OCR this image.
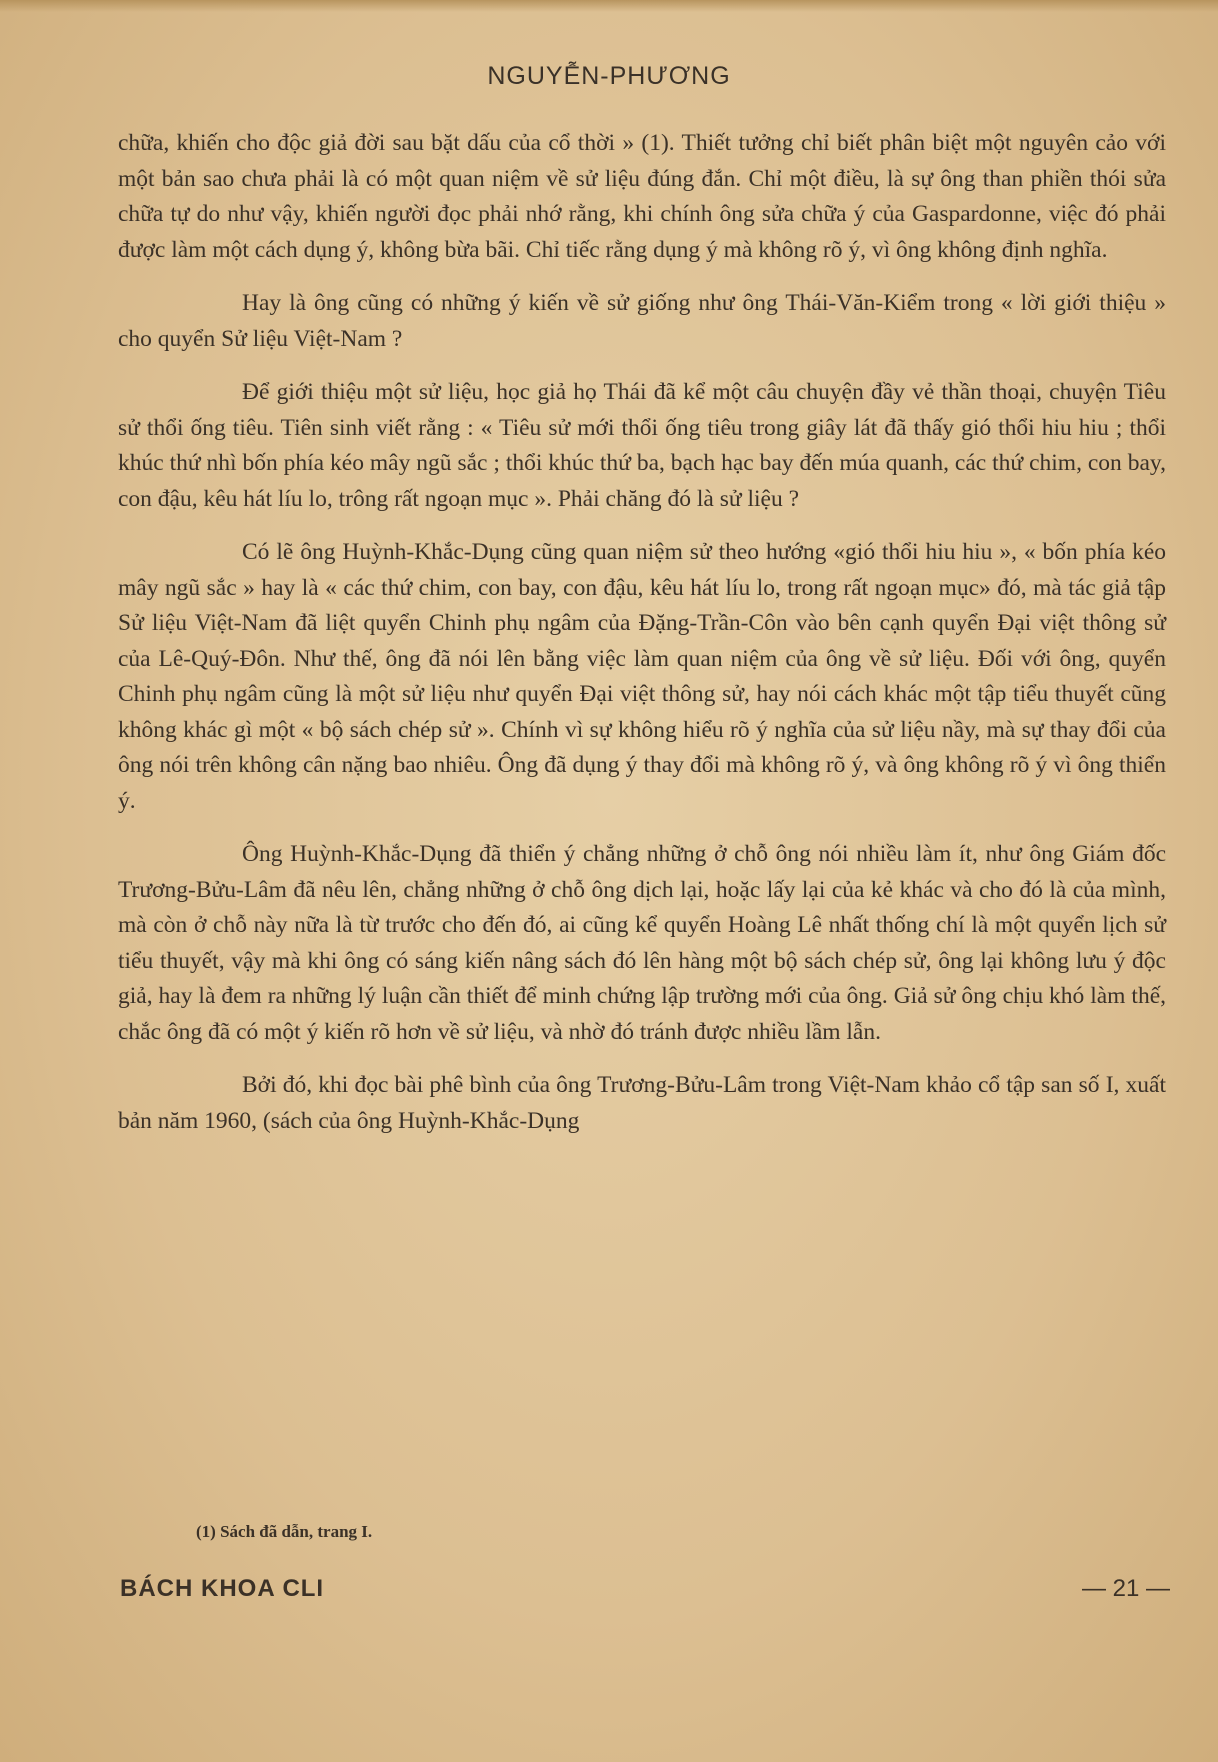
NGUYỄN-PHƯƠNG

chữa, khiến cho độc giả đời sau bặt dấu của cổ thời » (1). Thiết tưởng chỉ biết phân biệt một nguyên cảo với một bản sao chưa phải là có một quan niệm về sử liệu đúng đắn. Chỉ một điều, là sự ông than phiền thói sửa chữa tự do như vậy, khiến người đọc phải nhớ rằng, khi chính ông sửa chữa ý của Gaspardonne, việc đó phải được làm một cách dụng ý, không bừa bãi. Chỉ tiếc rằng dụng ý mà không rõ ý, vì ông không định nghĩa.

Hay là ông cũng có những ý kiến về sử giống như ông Thái-Văn-Kiểm trong « lời giới thiệu » cho quyển Sử liệu Việt-Nam ?

Để giới thiệu một sử liệu, học giả họ Thái đã kể một câu chuyện đầy vẻ thần thoại, chuyện Tiêu sử thổi ống tiêu. Tiên sinh viết rằng : « Tiêu sử mới thổi ống tiêu trong giây lát đã thấy gió thổi hiu hiu ; thổi khúc thứ nhì bốn phía kéo mây ngũ sắc ; thổi khúc thứ ba, bạch hạc bay đến múa quanh, các thứ chim, con bay, con đậu, kêu hát líu lo, trông rất ngoạn mục ». Phải chăng đó là sử liệu ?

Có lẽ ông Huỳnh-Khắc-Dụng cũng quan niệm sử theo hướng «gió thổi hiu hiu », « bốn phía kéo mây ngũ sắc » hay là « các thứ chim, con bay, con đậu, kêu hát líu lo, trong rất ngoạn mục» đó, mà tác giả tập Sử liệu Việt-Nam đã liệt quyển Chinh phụ ngâm của Đặng-Trần-Côn vào bên cạnh quyển Đại việt thông sử của Lê-Quý-Đôn. Như thế, ông đã nói lên bằng việc làm quan niệm của ông về sử liệu. Đối với ông, quyển Chinh phụ ngâm cũng là một sử liệu như quyển Đại việt thông sử, hay nói cách khác một tập tiểu thuyết cũng không khác gì một « bộ sách chép sử ». Chính vì sự không hiểu rõ ý nghĩa của sử liệu nầy, mà sự thay đổi của ông nói trên không cân nặng bao nhiêu. Ông đã dụng ý thay đổi mà không rõ ý, và ông không rõ ý vì ông thiển ý.

Ông Huỳnh-Khắc-Dụng đã thiển ý chẳng những ở chỗ ông nói nhiều làm ít, như ông Giám đốc Trương-Bửu-Lâm đã nêu lên, chẳng những ở chỗ ông dịch lại, hoặc lấy lại của kẻ khác và cho đó là của mình, mà còn ở chỗ này nữa là từ trước cho đến đó, ai cũng kể quyển Hoàng Lê nhất thống chí là một quyển lịch sử tiểu thuyết, vậy mà khi ông có sáng kiến nâng sách đó lên hàng một bộ sách chép sử, ông lại không lưu ý độc giả, hay là đem ra những lý luận cần thiết để minh chứng lập trường mới của ông. Giả sử ông chịu khó làm thế, chắc ông đã có một ý kiến rõ hơn về sử liệu, và nhờ đó tránh được nhiều lầm lẫn.

Bởi đó, khi đọc bài phê bình của ông Trương-Bửu-Lâm trong Việt-Nam khảo cổ tập san số I, xuất bản năm 1960, (sách của ông Huỳnh-Khắc-Dụng

(1) Sách đã dẫn, trang I.
BÁCH KHOA CLI	— 21 —
